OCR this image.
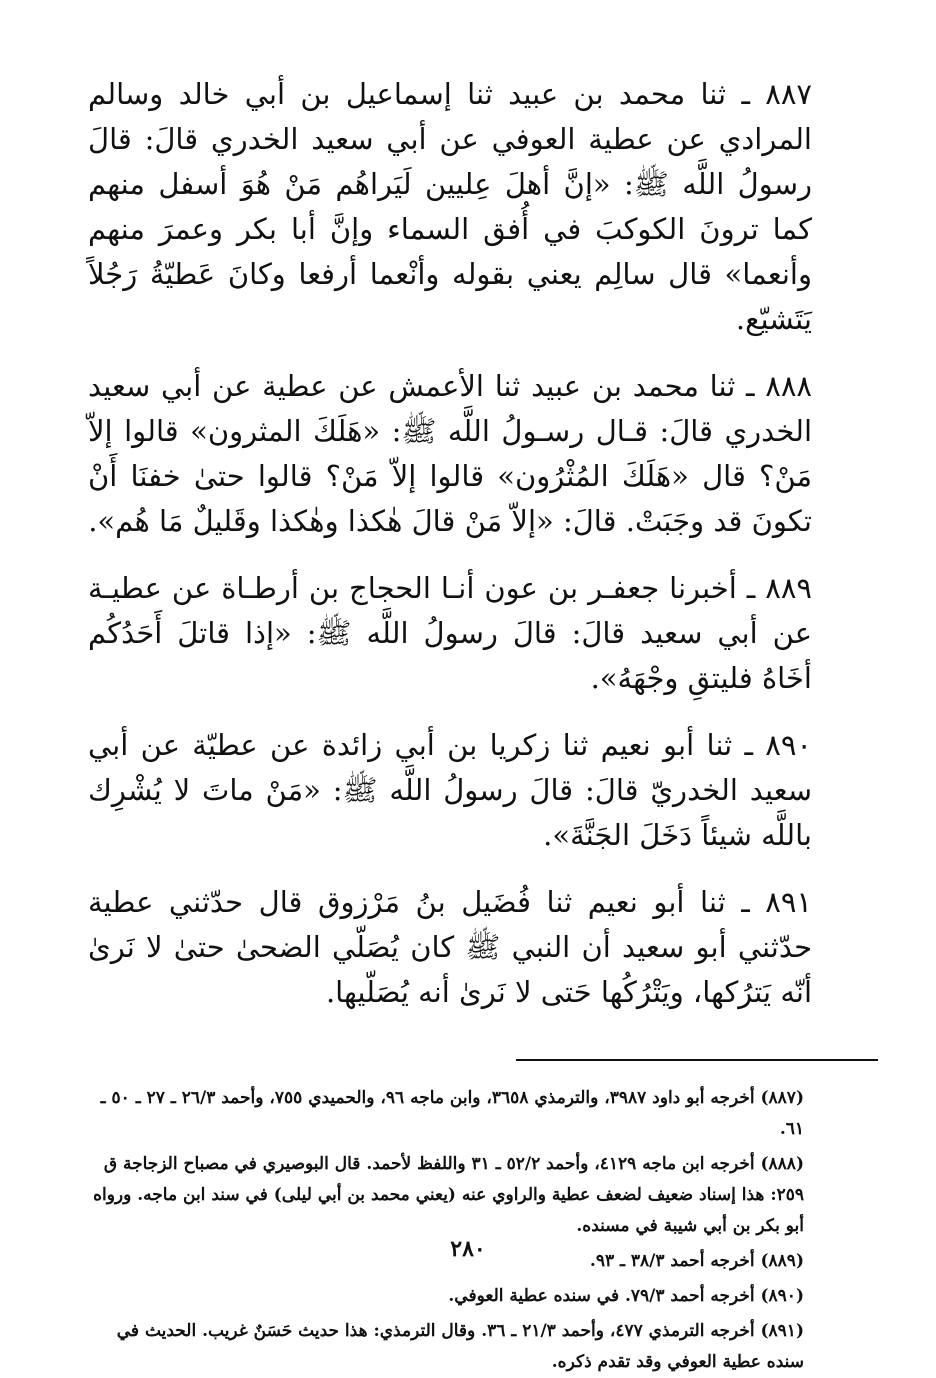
٨٨٧ ـ ثنا محمد بن عبيد ثنا إسماعيل بن أبي خالد وسالم المرادي عن عطية العوفي عن أبي سعيد الخدري قالَ: قالَ رسولُ اللَّه ﷺ: «إنَّ أهلَ عِليين لَيَراهُم مَنْ هُوَ أسفل منهم كما ترونَ الكوكبَ في أُفق السماء وإنَّ أبا بكر وعمرَ منهم وأنعما» قال سالِم يعني بقوله وأنْعما أرفعا وكانَ عَطيّةُ رَجُلاً يَتَشيّع.

٨٨٨ ـ ثنا محمد بن عبيد ثنا الأعمش عن عطية عن أبي سعيد الخدري قالَ: قـال رسـولُ اللَّه ﷺ: «هَلَكَ المثرون» قالوا إلاّ مَنْ؟ قال «هَلَكَ المُثْرُون» قالوا إلاّ مَنْ؟ قالوا حتىٰ خفنَا أَنْ تكونَ قد وجَبَتْ. قالَ: «إلاّ مَنْ قالَ هٰكذا وهٰكذا وقَليلٌ مَا هُم».

٨٨٩ ـ أخبرنا جعفـر بن عون أنـا الحجاج بن أرطـاة عن عطيـة عن أبي سعيد قالَ: قالَ رسولُ اللَّه ﷺ: «إذا قاتلَ أَحَدُكُم أخَاهُ فليتقِ وجْهَهُ».

٨٩٠ ـ ثنا أبو نعيم ثنا زكريا بن أبي زائدة عن عطيّة عن أبي سعيد الخدريّ قالَ: قالَ رسولُ اللَّه ﷺ: «مَنْ ماتَ لا يُشْرِك باللَّه شيئاً دَخَلَ الجَنَّةَ».

٨٩١ ـ ثنا أبو نعيم ثنا فُضَيل بنُ مَرْزوق قال حدّثني عطية حدّثني أبو سعيد أن النبي ﷺ كان يُصَلّي الضحىٰ حتىٰ لا نَرىٰ أنّه يَترُكها، ويَتْرُكُها حَتى لا نَرىٰ أنه يُصَلّيها.

(٨٨٧) أخرجه أبو داود ٣٩٨٧، والترمذي ٣٦٥٨، وابن ماجه ٩٦، والحميدي ٧٥٥، وأحمد ٢٦/٣ ـ ٢٧ ـ ٥٠ ـ ٦١.

(٨٨٨) أخرجه ابن ماجه ٤١٢٩، وأحمد ٥٢/٢ ـ ٣١ واللفظ لأحمد. قال البوصيري في مصباح الزجاجة ق ٢٥٩: هذا إسناد ضعيف لضعف عطية والراوي عنه (يعني محمد بن أبي ليلى) في سند ابن ماجه. ورواه أبو بكر بن أبي شيبة في مسنده.

(٨٨٩) أخرجه أحمد ٣٨/٣ ـ ٩٣.

(٨٩٠) أخرجه أحمد ٧٩/٣. في سنده عطية العوفي.

(٨٩١) أخرجه الترمذي ٤٧٧، وأحمد ٢١/٣ ـ ٣٦. وقال الترمذي: هذا حديث حَسَنٌ غريب. الحديث في سنده عطية العوفي وقد تقدم ذكره.

٢٨٠
